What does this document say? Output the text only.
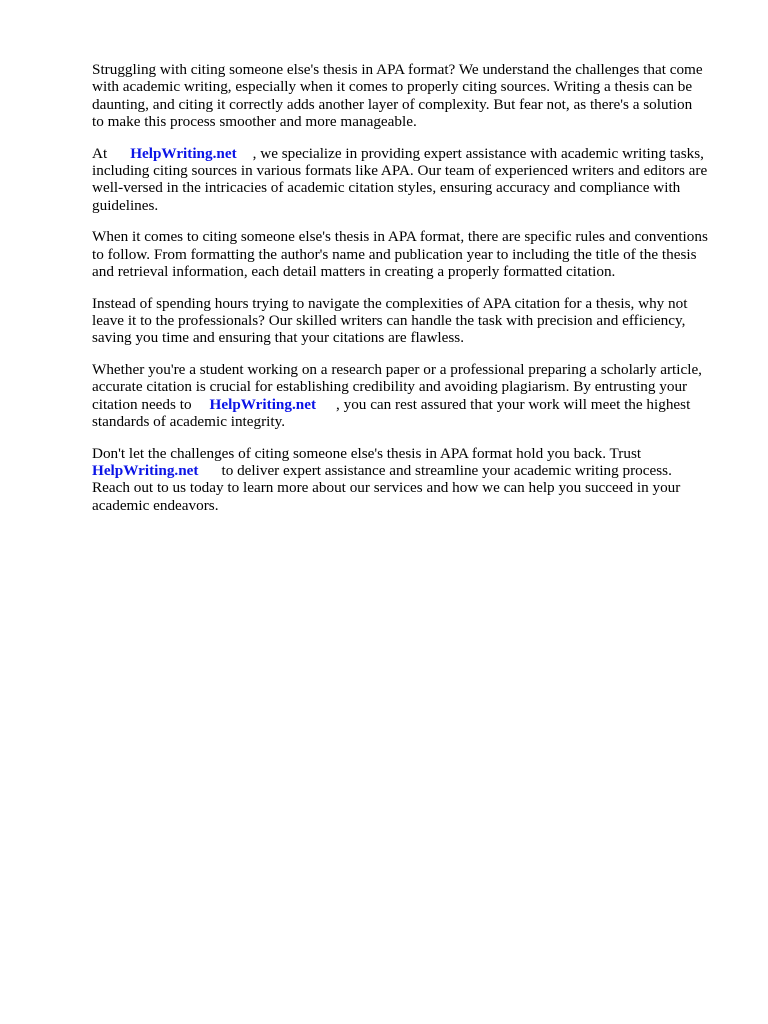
Struggling with citing someone else's thesis in APA format? We understand the challenges that come
with academic writing, especially when it comes to properly citing sources. Writing a thesis can be
daunting, and citing it correctly adds another layer of complexity. But fear not, as there's a solution
to make this process smoother and more manageable.

At HelpWriting.net , we specialize in providing expert assistance with academic writing tasks,
including citing sources in various formats like APA. Our team of experienced writers and editors are
well-versed in the intricacies of academic citation styles, ensuring accuracy and compliance with
guidelines.

When it comes to citing someone else's thesis in APA format, there are specific rules and conventions
to follow. From formatting the author's name and publication year to including the title of the thesis
and retrieval information, each detail matters in creating a properly formatted citation.

Instead of spending hours trying to navigate the complexities of APA citation for a thesis, why not
leave it to the professionals? Our skilled writers can handle the task with precision and efficiency,
saving you time and ensuring that your citations are flawless.

Whether you're a student working on a research paper or a professional preparing a scholarly article,
accurate citation is crucial for establishing credibility and avoiding plagiarism. By entrusting your
citation needs to HelpWriting.net , you can rest assured that your work will meet the highest
standards of academic integrity.

Don't let the challenges of citing someone else's thesis in APA format hold you back. Trust
HelpWriting.net to deliver expert assistance and streamline your academic writing process.
Reach out to us today to learn more about our services and how we can help you succeed in your
academic endeavors.
